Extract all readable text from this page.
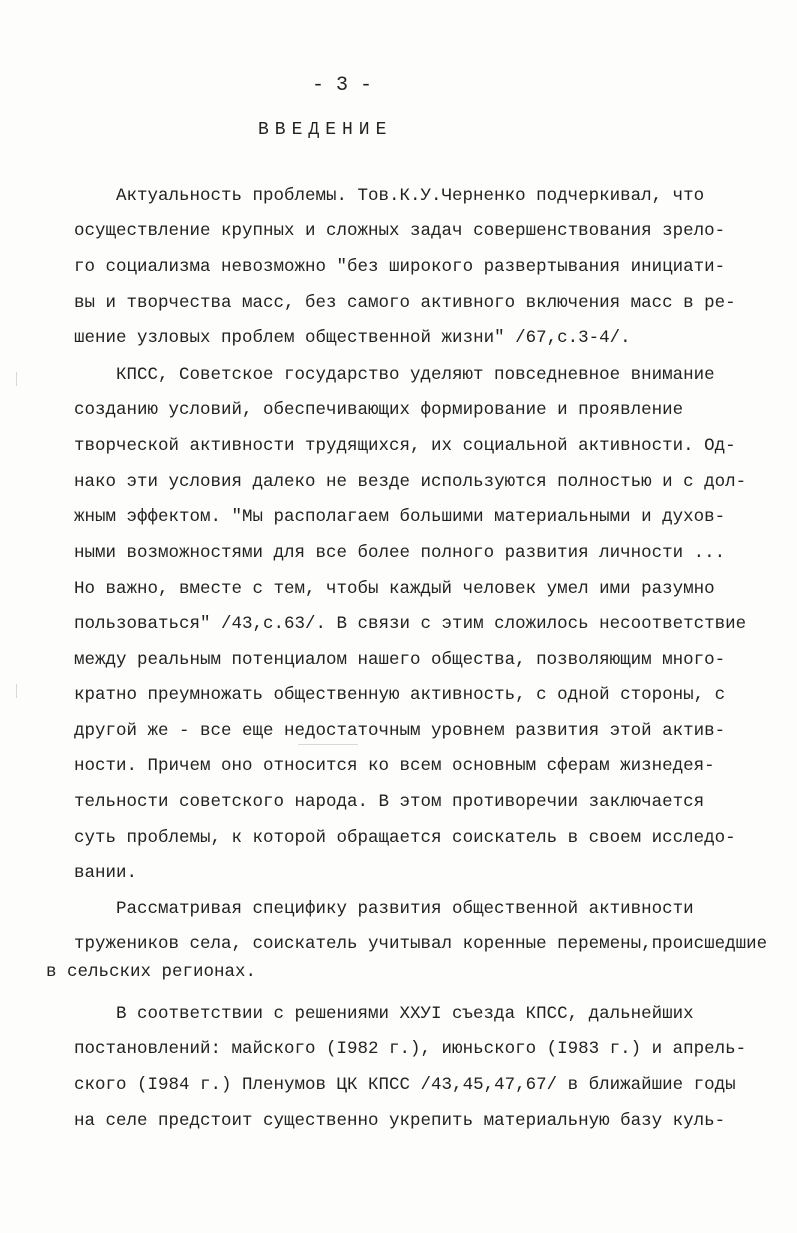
- 3 -
ВВЕДЕНИЕ
Актуальность проблемы. Тов.К.У.Черненко подчеркивал, что
осуществление крупных и сложных задач совершенствования зрело-
го социализма невозможно "без широкого развертывания инициати-
вы и творчества масс, без самого активного включения масс в ре-
шение узловых проблем общественной жизни" /67,с.3-4/.
КПСС, Советское государство уделяют повседневное внимание
созданию условий, обеспечивающих формирование и проявление
творческой активности трудящихся, их социальной активности. Од-
нако эти условия далеко не везде используются полностью и с дол-
жным эффектом. "Мы располагаем большими материальными и духов-
ными возможностями для все более полного развития личности ...
Но важно, вместе с тем, чтобы каждый человек умел ими разумно
пользоваться" /43,с.63/. В связи с этим сложилось несоответствие
между реальным потенциалом нашего общества, позволяющим много-
кратно преумножать общественную активность, с одной стороны, с
другой же - все еще недостаточным уровнем развития этой актив-
ности. Причем оно относится ко всем основным сферам жизнедея-
тельности советского народа. В этом противоречии заключается
суть проблемы, к которой обращается соискатель в своем исследо-
вании.
Рассматривая специфику развития общественной активности
тружеников села, соискатель учитывал коренные перемены,происшедшие
в сельских регионах.
В соответствии с решениями ХХУI съезда КПСС, дальнейших
постановлений: майского (I982 г.), июньского (I983 г.) и апрель-
ского (I984 г.) Пленумов ЦК КПСС /43,45,47,67/ в ближайшие годы
на селе предстоит существенно укрепить материальную базу куль-
